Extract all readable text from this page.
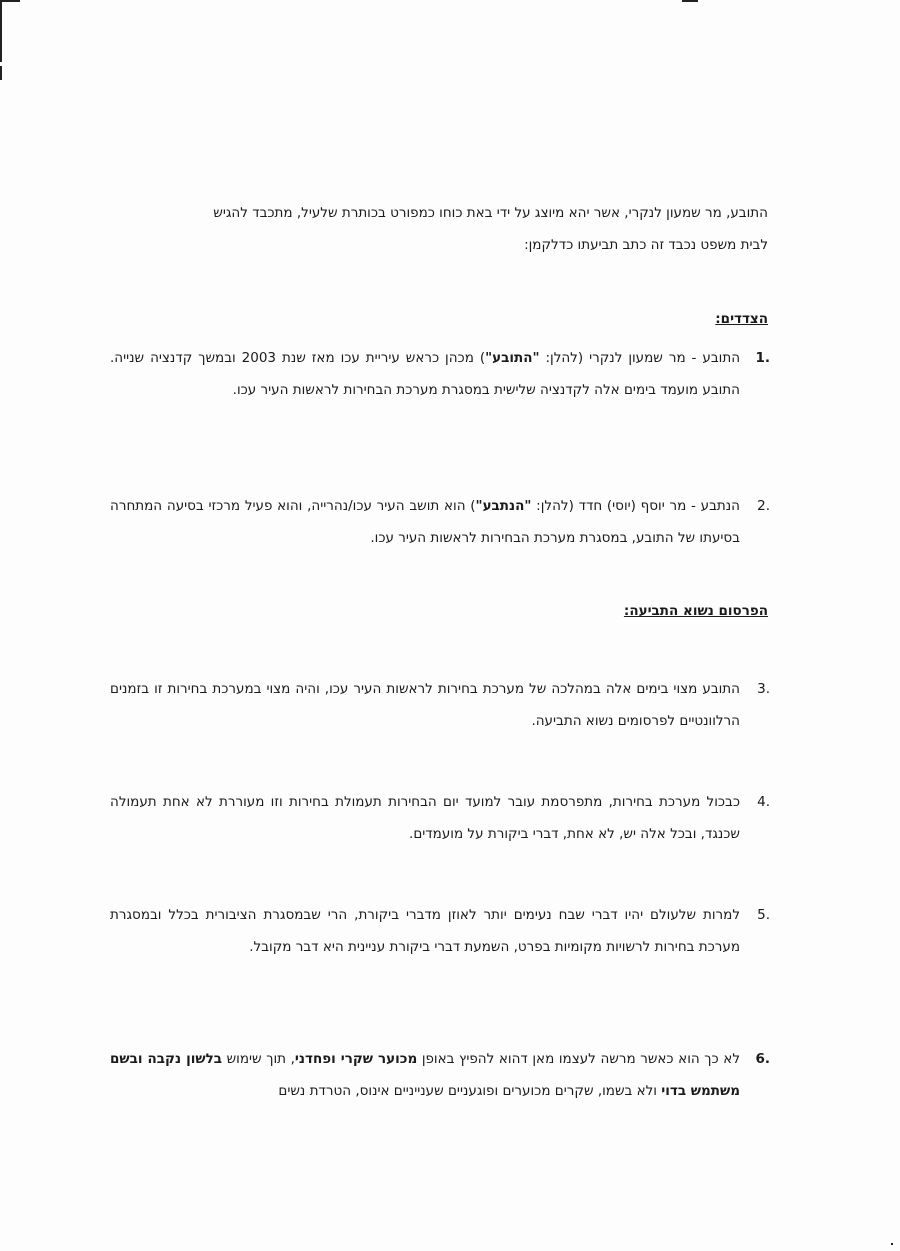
התובע, מר שמעון לנקרי, אשר יהא מיוצג על ידי באת כוחו כמפורט בכותרת שלעיל, מתכבד להגיש
לבית משפט נכבד זה כתב תביעתו כדלקמן:
הצדדים:
.1
התובע - מר שמעון לנקרי (להלן: "התובע") מכהן כראש עיריית עכו מאז שנת 2003 ובמשך קדנציה שנייה. התובע מועמד בימים אלה לקדנציה שלישית במסגרת מערכת הבחירות לראשות העיר עכו.
.2
הנתבע - מר יוסף (יוסי) חדד (להלן: "הנתבע") הוא תושב העיר עכו/נהרייה, והוא פעיל מרכזי בסיעה המתחרה בסיעתו של התובע, במסגרת מערכת הבחירות לראשות העיר עכו.
הפרסום נשוא התביעה:
.3
התובע מצוי בימים אלה במהלכה של מערכת בחירות לראשות העיר עכו, והיה מצוי במערכת בחירות זו בזמנים הרלוונטיים לפרסומים נשוא התביעה.
.4
כבכול מערכת בחירות, מתפרסמת עובר למועד יום הבחירות תעמולת בחירות וזו מעוררת לא אחת תעמולה שכנגד, ובכל אלה יש, לא אחת, דברי ביקורת על מועמדים.
.5
למרות שלעולם יהיו דברי שבח נעימים יותר לאוזן מדברי ביקורת, הרי שבמסגרת הציבורית בכלל ובמסגרת מערכת בחירות לרשויות מקומיות בפרט, השמעת דברי ביקורת עניינית היא דבר מקובל.
.6
לא כך הוא כאשר מרשה לעצמו מאן דהוא להפיץ באופן מכוער שקרי ופחדני, תוך שימוש בלשון נקבה ובשם משתמש בדוי ולא בשמו, שקרים מכוערים ופוגעניים שענייניים אינוס, הטרדת נשים
